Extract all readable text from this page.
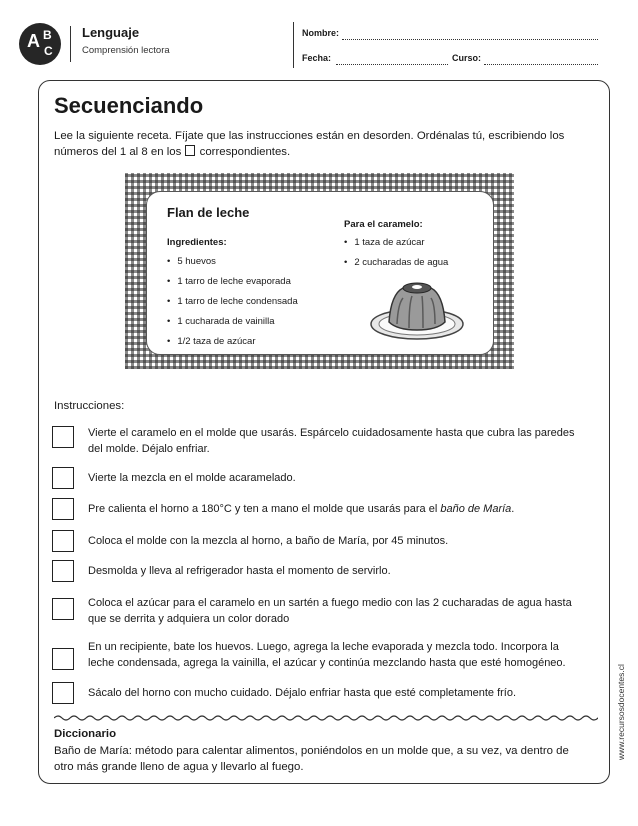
A B
C
Lenguaje
Comprensión lectora
Nombre:
Fecha:	Curso:
Secuenciando
Lee la siguiente receta. Fíjate que las instrucciones están en desorden. Ordénalas tú, escribiendo los números del 1 al 8 en los correspondientes.
Flan de leche
Ingredientes:
• 5 huevos
• 1 tarro de leche evaporada
• 1 tarro de leche condensada
• 1 cucharada de vainilla
• 1/2 taza de azúcar
Para el caramelo:
• 1 taza de azúcar
• 2 cucharadas de agua
Instrucciones:
Vierte el caramelo en el molde que usarás. Espárcelo cuidadosamente hasta que cubra las paredes del molde. Déjalo enfriar.
Vierte la mezcla en el molde acaramelado.
Pre calienta el horno a 180°C y ten a mano el molde que usarás para el baño de María.
Coloca el molde con la mezcla al horno, a baño de María, por 45 minutos.
Desmolda y lleva al refrigerador hasta el momento de servirlo.
Coloca el azúcar para el caramelo en un sartén a fuego medio con las 2 cucharadas de agua hasta que se derrita y adquiera un color dorado
En un recipiente, bate los huevos. Luego, agrega la leche evaporada y mezcla todo. Incorpora la leche condensada, agrega la vainilla, el azúcar y continúa mezclando hasta que esté homogéneo.
Sácalo del horno con mucho cuidado. Déjalo enfriar hasta que esté completamente frío.
Diccionario
Baño de María: método para calentar alimentos, poniéndolos en un molde que, a su vez, va dentro de otro más grande lleno de agua y llevarlo al fuego.
www.recursosdocentes.cl
